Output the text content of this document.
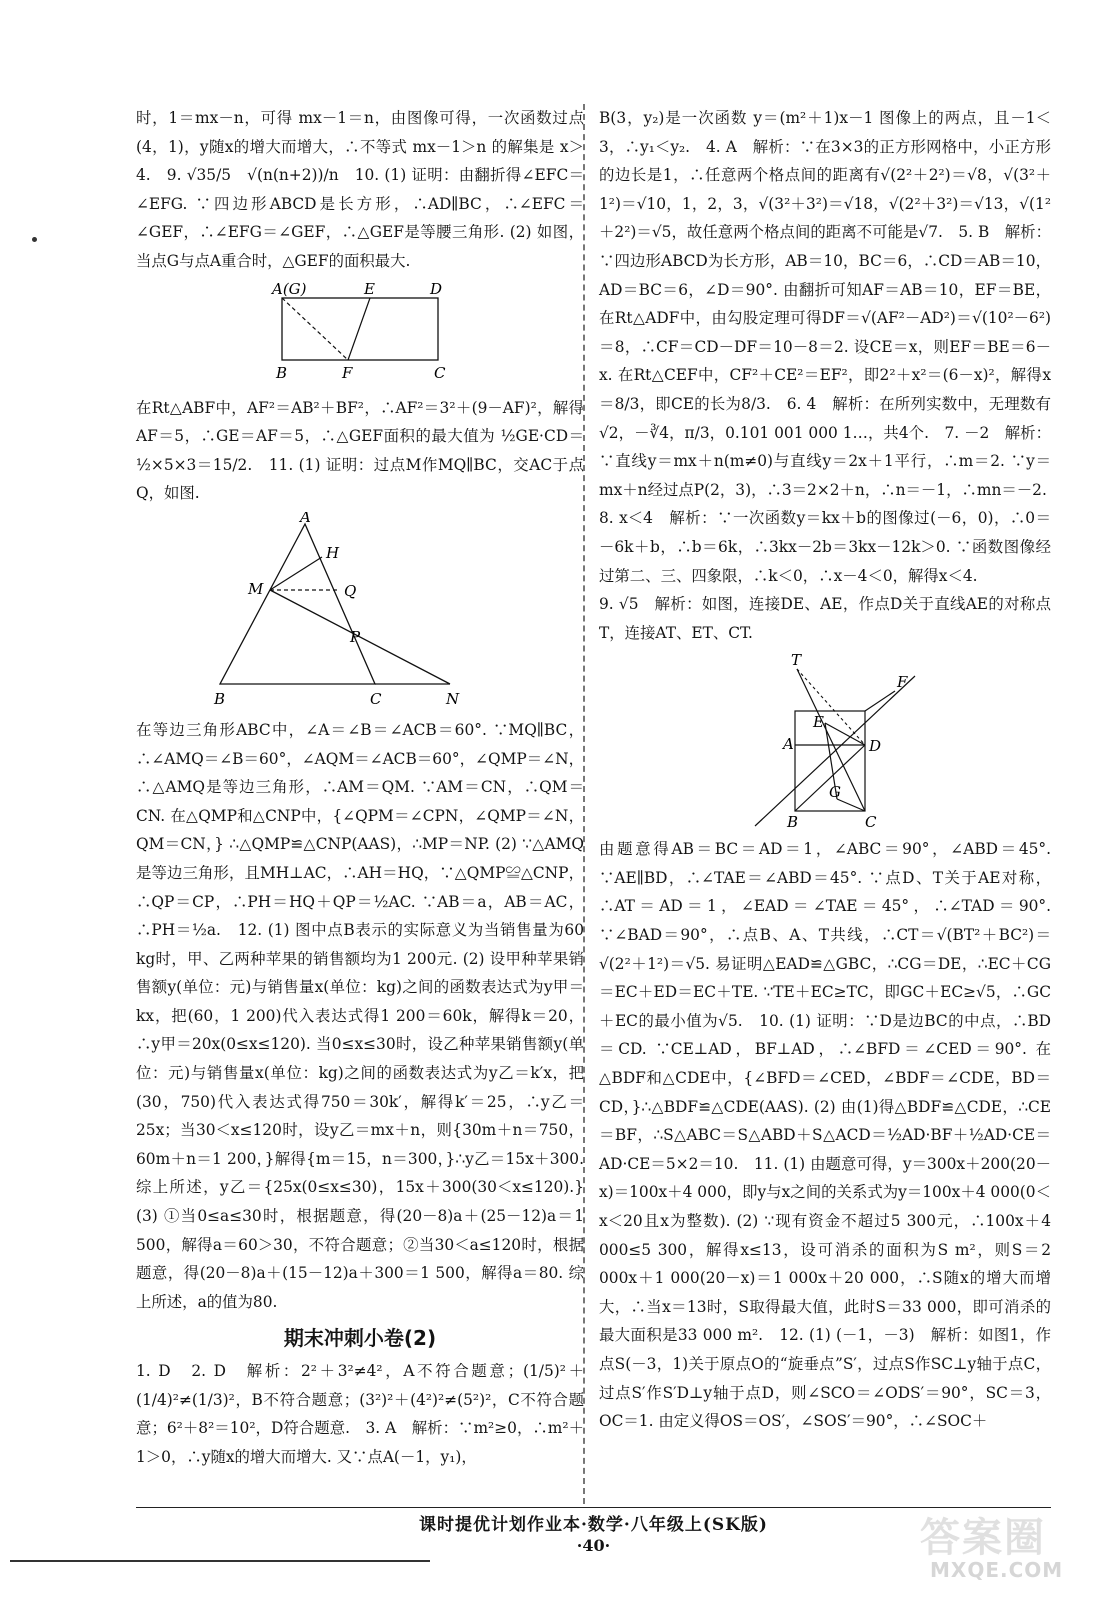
时，1＝mx－n，可得 mx－1＝n，由图像可得，一次函数过点(4，1)，y随x的增大而增大，∴不等式 mx－1＞n 的解集是 x＞4.　9. √35/5　√(n(n+2))/n　10. (1) 证明：由翻折得∠EFC＝∠EFG. ∵四边形ABCD是长方形，∴AD∥BC，∴∠EFC＝∠GEF，∴∠EFG＝∠GEF，∴△GEF是等腰三角形. (2) 如图，当点G与点A重合时，△GEF的面积最大.

A(G)	E	D
B	F	C

在Rt△ABF中，AF²＝AB²＋BF²，∴AF²＝3²＋(9－AF)²，解得AF＝5，∴GE＝AF＝5，∴△GEF面积的最大值为 ½GE·CD＝½×5×3＝15/2.　11. (1) 证明：过点M作MQ∥BC，交AC于点Q，如图.

A
H
M	Q
P
B	C	N

在等边三角形ABC中，∠A＝∠B＝∠ACB＝60°. ∵MQ∥BC，∴∠AMQ＝∠B＝60°，∠AQM＝∠ACB＝60°，∠QMP＝∠N，∴△AMQ是等边三角形，∴AM＝QM. ∵AM＝CN，∴QM＝CN. 在△QMP和△CNP中，{∠QPM＝∠CPN，∠QMP＝∠N，QM＝CN，} ∴△QMP≌△CNP(AAS)，∴MP＝NP. (2) ∵△AMQ是等边三角形，且MH⊥AC，∴AH＝HQ，∵△QMP≌△CNP，∴QP＝CP，∴PH＝HQ＋QP＝½AC. ∵AB＝a，AB＝AC，∴PH＝½a.　12. (1) 图中点B表示的实际意义为当销售量为60 kg时，甲、乙两种苹果的销售额均为1 200元. (2) 设甲种苹果销售额y(单位：元)与销售量x(单位：kg)之间的函数表达式为y甲＝kx，把(60，1 200)代入表达式得1 200＝60k，解得k＝20，∴y甲＝20x(0≤x≤120). 当0≤x≤30时，设乙种苹果销售额y(单位：元)与销售量x(单位：kg)之间的函数表达式为y乙＝k′x，把(30，750)代入表达式得750＝30k′，解得k′＝25，∴y乙＝25x；当30＜x≤120时，设y乙＝mx＋n，则{30m＋n＝750，60m＋n＝1 200，}解得{m＝15，n＝300，}∴y乙＝15x＋300. 综上所述，y乙＝{25x(0≤x≤30)，15x＋300(30＜x≤120).} (3) ①当0≤a≤30时，根据题意，得(20－8)a＋(25－12)a＝1 500，解得a＝60＞30，不符合题意；②当30＜a≤120时，根据题意，得(20－8)a＋(15－12)a＋300＝1 500，解得a＝80. 综上所述，a的值为80.

期末冲刺小卷(2)

1. D　2. D　解析：2²＋3²≠4²，A不符合题意；(1/5)²＋(1/4)²≠(1/3)²，B不符合题意；(3²)²＋(4²)²≠(5²)²，C不符合题意；6²＋8²＝10²，D符合题意.　3. A　解析：∵m²≥0，∴m²＋1＞0，∴y随x的增大而增大. 又∵点A(－1，y₁)，

B(3，y₂)是一次函数 y＝(m²＋1)x－1 图像上的两点，且－1＜3，∴y₁＜y₂.　4. A　解析：∵在3×3的正方形网格中，小正方形的边长是1，∴任意两个格点间的距离有√(2²＋2²)＝√8，√(3²＋1²)＝√10，1，2，3，√(3²＋3²)＝√18，√(2²＋3²)＝√13，√(1²＋2²)＝√5，故任意两个格点间的距离不可能是√7.　5. B　解析：∵四边形ABCD为长方形，AB＝10，BC＝6，∴CD＝AB＝10，AD＝BC＝6，∠D＝90°. 由翻折可知AF＝AB＝10，EF＝BE，在Rt△ADF中，由勾股定理可得DF＝√(AF²－AD²)＝√(10²－6²)＝8，∴CF＝CD－DF＝10－8＝2. 设CE＝x，则EF＝BE＝6－x. 在Rt△CEF中，CF²＋CE²＝EF²，即2²＋x²＝(6－x)²，解得x＝8/3，即CE的长为8/3.　6. 4　解析：在所列实数中，无理数有√2，－∛4，π/3，0.101 001 000 1…，共4个.　7. －2　解析：∵直线y＝mx＋n(m≠0)与直线y＝2x＋1平行，∴m＝2. ∵y＝mx＋n经过点P(2，3)，∴3＝2×2＋n，∴n＝－1，∴mn＝－2.

8. x＜4　解析：∵一次函数y＝kx＋b的图像过(－6，0)，∴0＝－6k＋b，∴b＝6k，∴3kx－2b＝3kx－12k＞0. ∵函数图像经过第二、三、四象限，∴k＜0，∴x－4＜0，解得x＜4.

9. √5　解析：如图，连接DE、AE，作点D关于直线AE的对称点T，连接AT、ET、CT.

T
F
E
A	D
G
B	C

由题意得AB＝BC＝AD＝1，∠ABC＝90°，∠ABD＝45°. ∵AE∥BD，∴∠TAE＝∠ABD＝45°. ∵点D、T关于AE对称，∴AT＝AD＝1，∠EAD＝∠TAE＝45°，∴∠TAD＝90°. ∵∠BAD＝90°，∴点B、A、T共线，∴CT＝√(BT²＋BC²)＝√(2²＋1²)＝√5. 易证明△EAD≌△GBC，∴CG＝DE，∴EC＋CG＝EC＋ED＝EC＋TE. ∵TE＋EC≥TC，即GC＋EC≥√5，∴GC＋EC的最小值为√5.　10. (1) 证明：∵D是边BC的中点，∴BD＝CD. ∵CE⊥AD，BF⊥AD，∴∠BFD＝∠CED＝90°. 在△BDF和△CDE中，{∠BFD＝∠CED，∠BDF＝∠CDE，BD＝CD，}∴△BDF≌△CDE(AAS). (2) 由(1)得△BDF≌△CDE，∴CE＝BF，∴S△ABC＝S△ABD＋S△ACD＝½AD·BF＋½AD·CE＝AD·CE＝5×2＝10.　11. (1) 由题意可得，y＝300x＋200(20－x)＝100x＋4 000，即y与x之间的关系式为y＝100x＋4 000(0＜x＜20且x为整数). (2) ∵现有资金不超过5 300元，∴100x＋4 000≤5 300，解得x≤13，设可消杀的面积为S m²，则S＝2 000x＋1 000(20－x)＝1 000x＋20 000，∴S随x的增大而增大，∴当x＝13时，S取得最大值，此时S＝33 000，即可消杀的最大面积是33 000 m².　12. (1) (－1，－3)　解析：如图1，作点S(－3，1)关于原点O的“旋垂点”S′，过点S作SC⊥y轴于点C，过点S′作S′D⊥y轴于点D，则∠SCO＝∠ODS′＝90°，SC＝3，OC＝1. 由定义得OS＝OS′，∠SOS′＝90°，∴∠SOC＋

课时提优计划作业本·数学·八年级上(SK版)
·40·	答案圈
MXQE.COM
